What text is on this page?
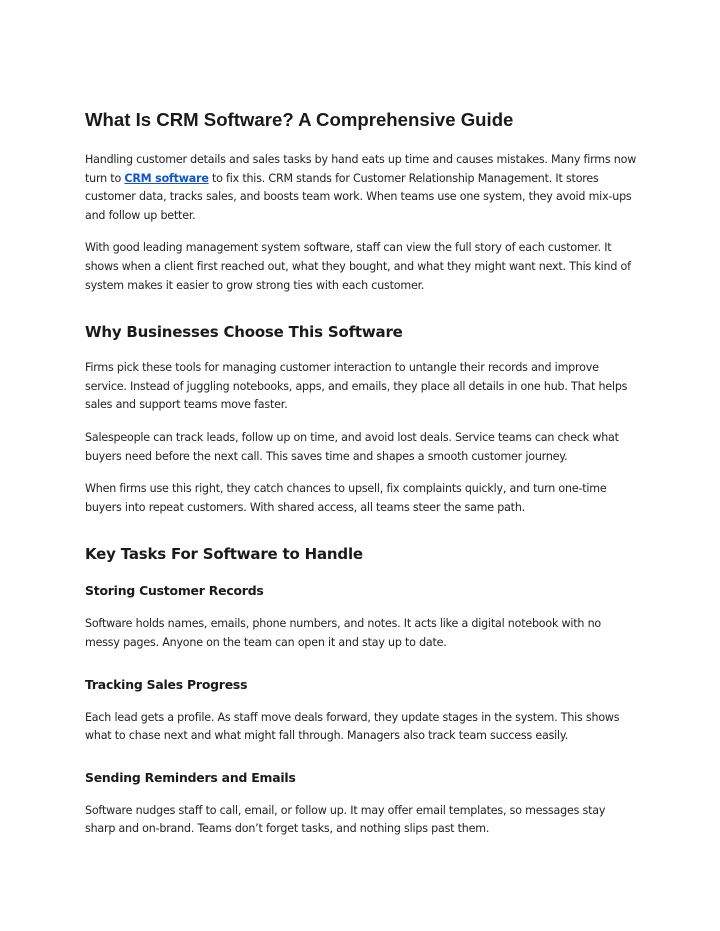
What Is CRM Software? A Comprehensive Guide

Handling customer details and sales tasks by hand eats up time and causes mistakes. Many firms now turn to CRM software to fix this. CRM stands for Customer Relationship Management. It stores customer data, tracks sales, and boosts team work. When teams use one system, they avoid mix-ups and follow up better.

With good leading management system software, staff can view the full story of each customer. It shows when a client first reached out, what they bought, and what they might want next. This kind of system makes it easier to grow strong ties with each customer.

Why Businesses Choose This Software

Firms pick these tools for managing customer interaction to untangle their records and improve service. Instead of juggling notebooks, apps, and emails, they place all details in one hub. That helps sales and support teams move faster.

Salespeople can track leads, follow up on time, and avoid lost deals. Service teams can check what buyers need before the next call. This saves time and shapes a smooth customer journey.

When firms use this right, they catch chances to upsell, fix complaints quickly, and turn one-time buyers into repeat customers. With shared access, all teams steer the same path.

Key Tasks For Software to Handle
Storing Customer Records

Software holds names, emails, phone numbers, and notes. It acts like a digital notebook with no messy pages. Anyone on the team can open it and stay up to date.

Tracking Sales Progress

Each lead gets a profile. As staff move deals forward, they update stages in the system. This shows what to chase next and what might fall through. Managers also track team success easily.

Sending Reminders and Emails

Software nudges staff to call, email, or follow up. It may offer email templates, so messages stay sharp and on-brand. Teams don’t forget tasks, and nothing slips past them.
